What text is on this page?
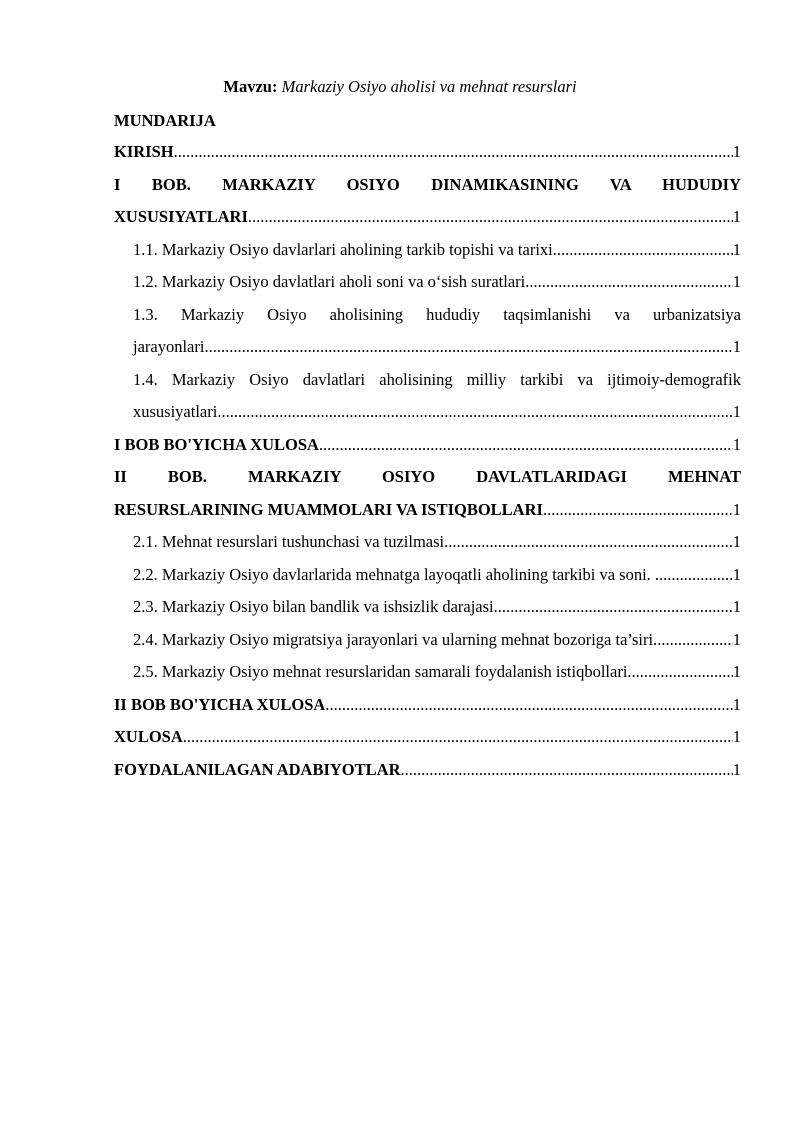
Mavzu: Markaziy Osiyo aholisi va mehnat resurslari
MUNDARIJA
KIRISH .....	1
I BOB. MARKAZIY OSIYO DINAMIKASINING VA HUDUDIY
XUSUSIYATLARI .....	1
1.1. Markaziy Osiyo davlarlari aholining tarkib topishi va tarixi .....	1
1.2. Markaziy Osiyo davlatlari aholi soni va o‘sish suratlari .....	1
1.3. Markaziy Osiyo aholisining hududiy taqsimlanishi va urbanizatsiya
jarayonlari .....	1
1.4. Markaziy Osiyo davlatlari aholisining milliy tarkibi va ijtimoiy-demografik
xususiyatlari .....	1
I BOB BO'YICHA XULOSA .....	1
II BOB. MARKAZIY OSIYO DAVLATLARIDAGI MEHNAT
RESURSLARINING MUAMMOLARI VA ISTIQBOLLARI .....	1
2.1. Mehnat resurslari tushunchasi va tuzilmasi .....	1
2.2. Markaziy Osiyo davlarlarida mehnatga layoqatli aholining tarkibi va soni. . .....	1
2.3. Markaziy Osiyo bilan bandlik va ishsizlik darajasi .....	1
2.4. Markaziy Osiyo migratsiya jarayonlari va ularning mehnat bozoriga ta’siri. .....	1
2.5. Markaziy Osiyo mehnat resurslaridan samarali foydalanish istiqbollari....... .....	1
II BOB BO'YICHA XULOSA .....	1
XULOSA .....	1
FOYDALANILAGAN ADABIYOTLAR .....	1
